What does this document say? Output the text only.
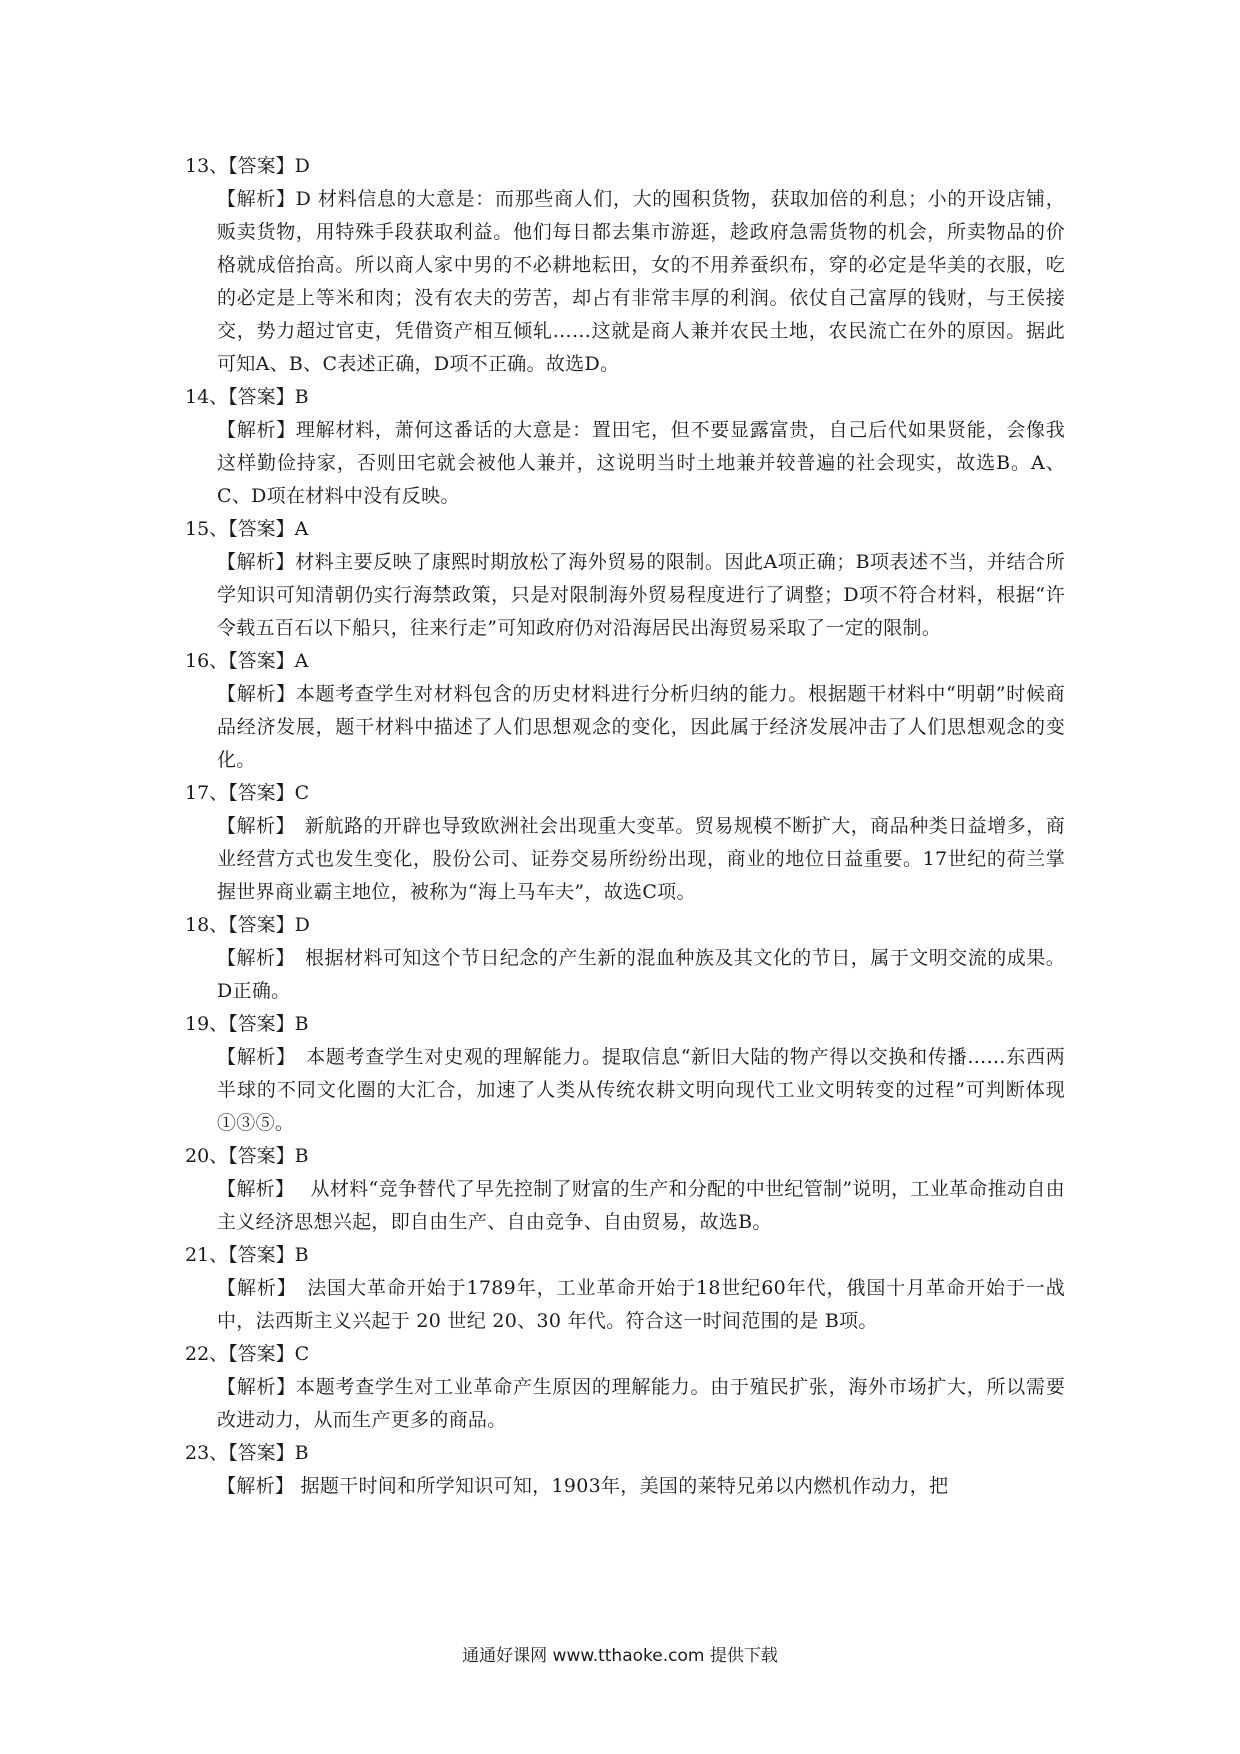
13、【答案】D
【解析】D 材料信息的大意是：而那些商人们，大的囤积货物，获取加倍的利息；小的开设店铺，贩卖货物，用特殊手段获取利益。他们每日都去集市游逛，趁政府急需货物的机会，所卖物品的价格就成倍抬高。所以商人家中男的不必耕地耘田，女的不用养蚕织布，穿的必定是华美的衣服，吃的必定是上等米和肉；没有农夫的劳苦，却占有非常丰厚的利润。依仗自己富厚的钱财，与王侯接交，势力超过官吏，凭借资产相互倾轧……这就是商人兼并农民土地，农民流亡在外的原因。据此可知A、B、C表述正确，D项不正确。故选D。
14、【答案】B
【解析】理解材料，萧何这番话的大意是：置田宅，但不要显露富贵，自己后代如果贤能，会像我这样勤俭持家，否则田宅就会被他人兼并，这说明当时土地兼并较普遍的社会现实，故选B。A、C、D项在材料中没有反映。
15、【答案】A
【解析】材料主要反映了康熙时期放松了海外贸易的限制。因此A项正确；B项表述不当，并结合所学知识可知清朝仍实行海禁政策，只是对限制海外贸易程度进行了调整；D项不符合材料，根据“许令载五百石以下船只，往来行走”可知政府仍对沿海居民出海贸易采取了一定的限制。
16、【答案】A
【解析】本题考查学生对材料包含的历史材料进行分析归纳的能力。根据题干材料中“明朝”时候商品经济发展，题干材料中描述了人们思想观念的变化，因此属于经济发展冲击了人们思想观念的变化。
17、【答案】C
【解析】　新航路的开辟也导致欧洲社会出现重大变革。贸易规模不断扩大，商品种类日益增多，商业经营方式也发生变化，股份公司、证券交易所纷纷出现，商业的地位日益重要。17世纪的荷兰掌握世界商业霸主地位，被称为“海上马车夫”，故选C项。
18、【答案】D
【解析】　根据材料可知这个节日纪念的产生新的混血种族及其文化的节日，属于文明交流的成果。D正确。
19、【答案】B
【解析】　本题考查学生对史观的理解能力。提取信息“新旧大陆的物产得以交换和传播……东西两半球的不同文化圈的大汇合，加速了人类从传统农耕文明向现代工业文明转变的过程”可判断体现①③⑤。
20、【答案】B
【解析】　 从材料“竞争替代了早先控制了财富的生产和分配的中世纪管制”说明，工业革命推动自由主义经济思想兴起，即自由生产、自由竞争、自由贸易，故选B。
21、【答案】B
【解析】　法国大革命开始于1789年，工业革命开始于18世纪60年代，俄国十月革命开始于一战中，法西斯主义兴起于 20 世纪 20、30 年代。符合这一时间范围的是 B项。
22、【答案】C
【解析】本题考查学生对工业革命产生原因的理解能力。由于殖民扩张，海外市场扩大，所以需要改进动力，从而生产更多的商品。
23、【答案】B
【解析】 据题干时间和所学知识可知，1903年，美国的莱特兄弟以内燃机作动力，把
通通好课网 www.tthaoke.com 提供下载
